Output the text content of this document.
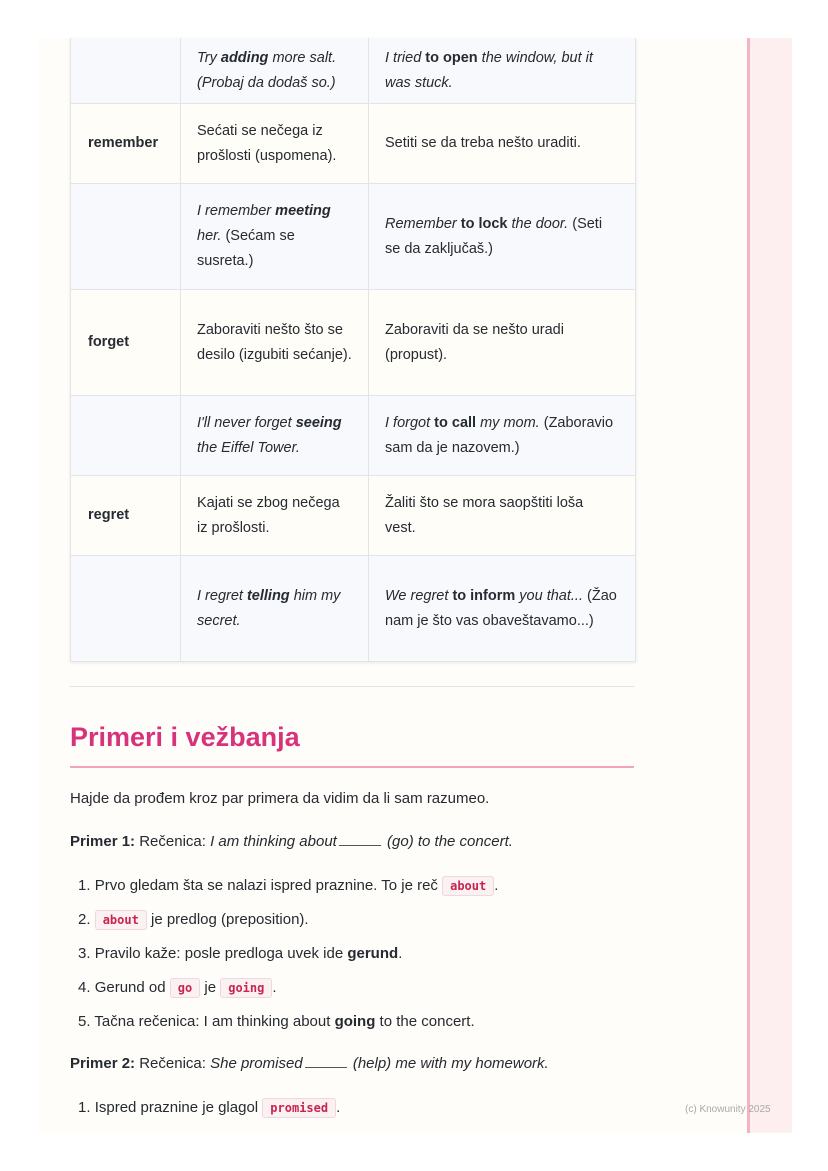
(c) Knowunity 2025
Try adding more salt. (Probaj da dodaš so.)
I tried to open the window, but it was stuck.
remember
Sećati se nečega iz prošlosti (uspomena).
Setiti se da treba nešto uraditi.
I remember meeting her. (Sećam se susreta.)
Remember to lock the door. (Seti se da zaključaš.)
forget
Zaboraviti nešto što se desilo (izgubiti sećanje).
Zaboraviti da se nešto uradi (propust).
I'll never forget seeing the Eiffel Tower.
I forgot to call my mom. (Zaboravio sam da je nazovem.)
regret
Kajati se zbog nečega iz prošlosti.
Žaliti što se mora saopštiti loša vest.
I regret telling him my secret.
We regret to inform you that... (Žao nam je što vas obaveštavamo...)
Primeri i vežbanja
Hajde da prođem kroz par primera da vidim da li sam razumeo.
Primer 1: Rečenica: I am thinking about	(go) to the concert.
1. Prvo gledam šta se nalazi ispred praznine. To je reč about .
2. about je predlog (preposition).
3. Pravilo kaže: posle predloga uvek ide gerund.
4. Gerund od go je going .
5. Tačna rečenica: I am thinking about going to the concert.
Primer 2: Rečenica: She promised	(help) me with my homework.
1. Ispred praznine je glagol promised .
